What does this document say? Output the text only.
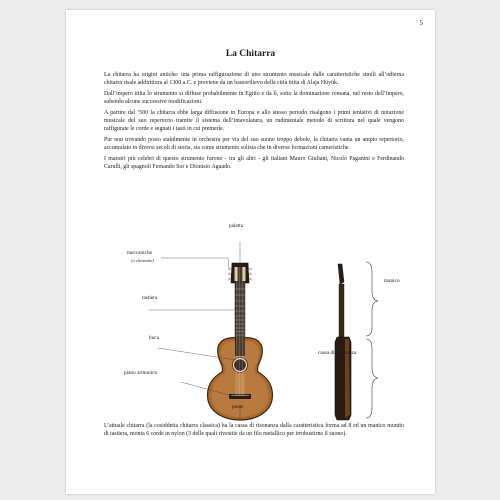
5
La Chitarra

La chitarra ha origini antiche: una prima raffigurazione di uno strumento musicale dalle caratteristiche simili all’odierna chitarra risale addirittura al 1300 a.C. e proviene da un bassorilievo della città ittita di Alaja Hüyük.

Dall’impero ittita lo strumento si diffuse probabilmente in Egitto e da lì, sotto la dominazione romana, nel resto dell’impero, subendo alcune successive modificazioni.

A partire dal ‘500 la chitarra ebbe larga diffusione in Europa e allo stesso periodo risalgono i primi tentativi di notazione musicale del suo repertorio tramite il sistema dell’intavolatura, un rudimentale metodo di scrittura nel quale vengono raffigurate le corde e segnati i tasti in cui premerle.

Pur non trovando posto stabilmente in orchestra per via del suo suono troppo debole, la chitarra vanta un ampio repertorio, accumulato in diversi secoli di storia, sia come strumento solista che in diverse formazioni cameristiche.

I maestri più celebri di questo strumento furono - tra gli altri - gli italiani Mauro Giuliani, Nicolò Paganini e Ferdinando Carulli, gli spagnoli Fernando Sor e Dionisio Aguado.

paletta
meccaniche
(o chiavette)
tastiera
buca
piano armonico
ponte
manico
cassa di risonanza

L’attuale chitarra (la cosiddetta chitarra classica) ha la cassa di risonanza dalla caratteristica forma ad 8 ed un manico munito di tastiera, monta 6 corde in nylon (3 delle quali rivestite da un filo metallico per irrobustirne il suono).
